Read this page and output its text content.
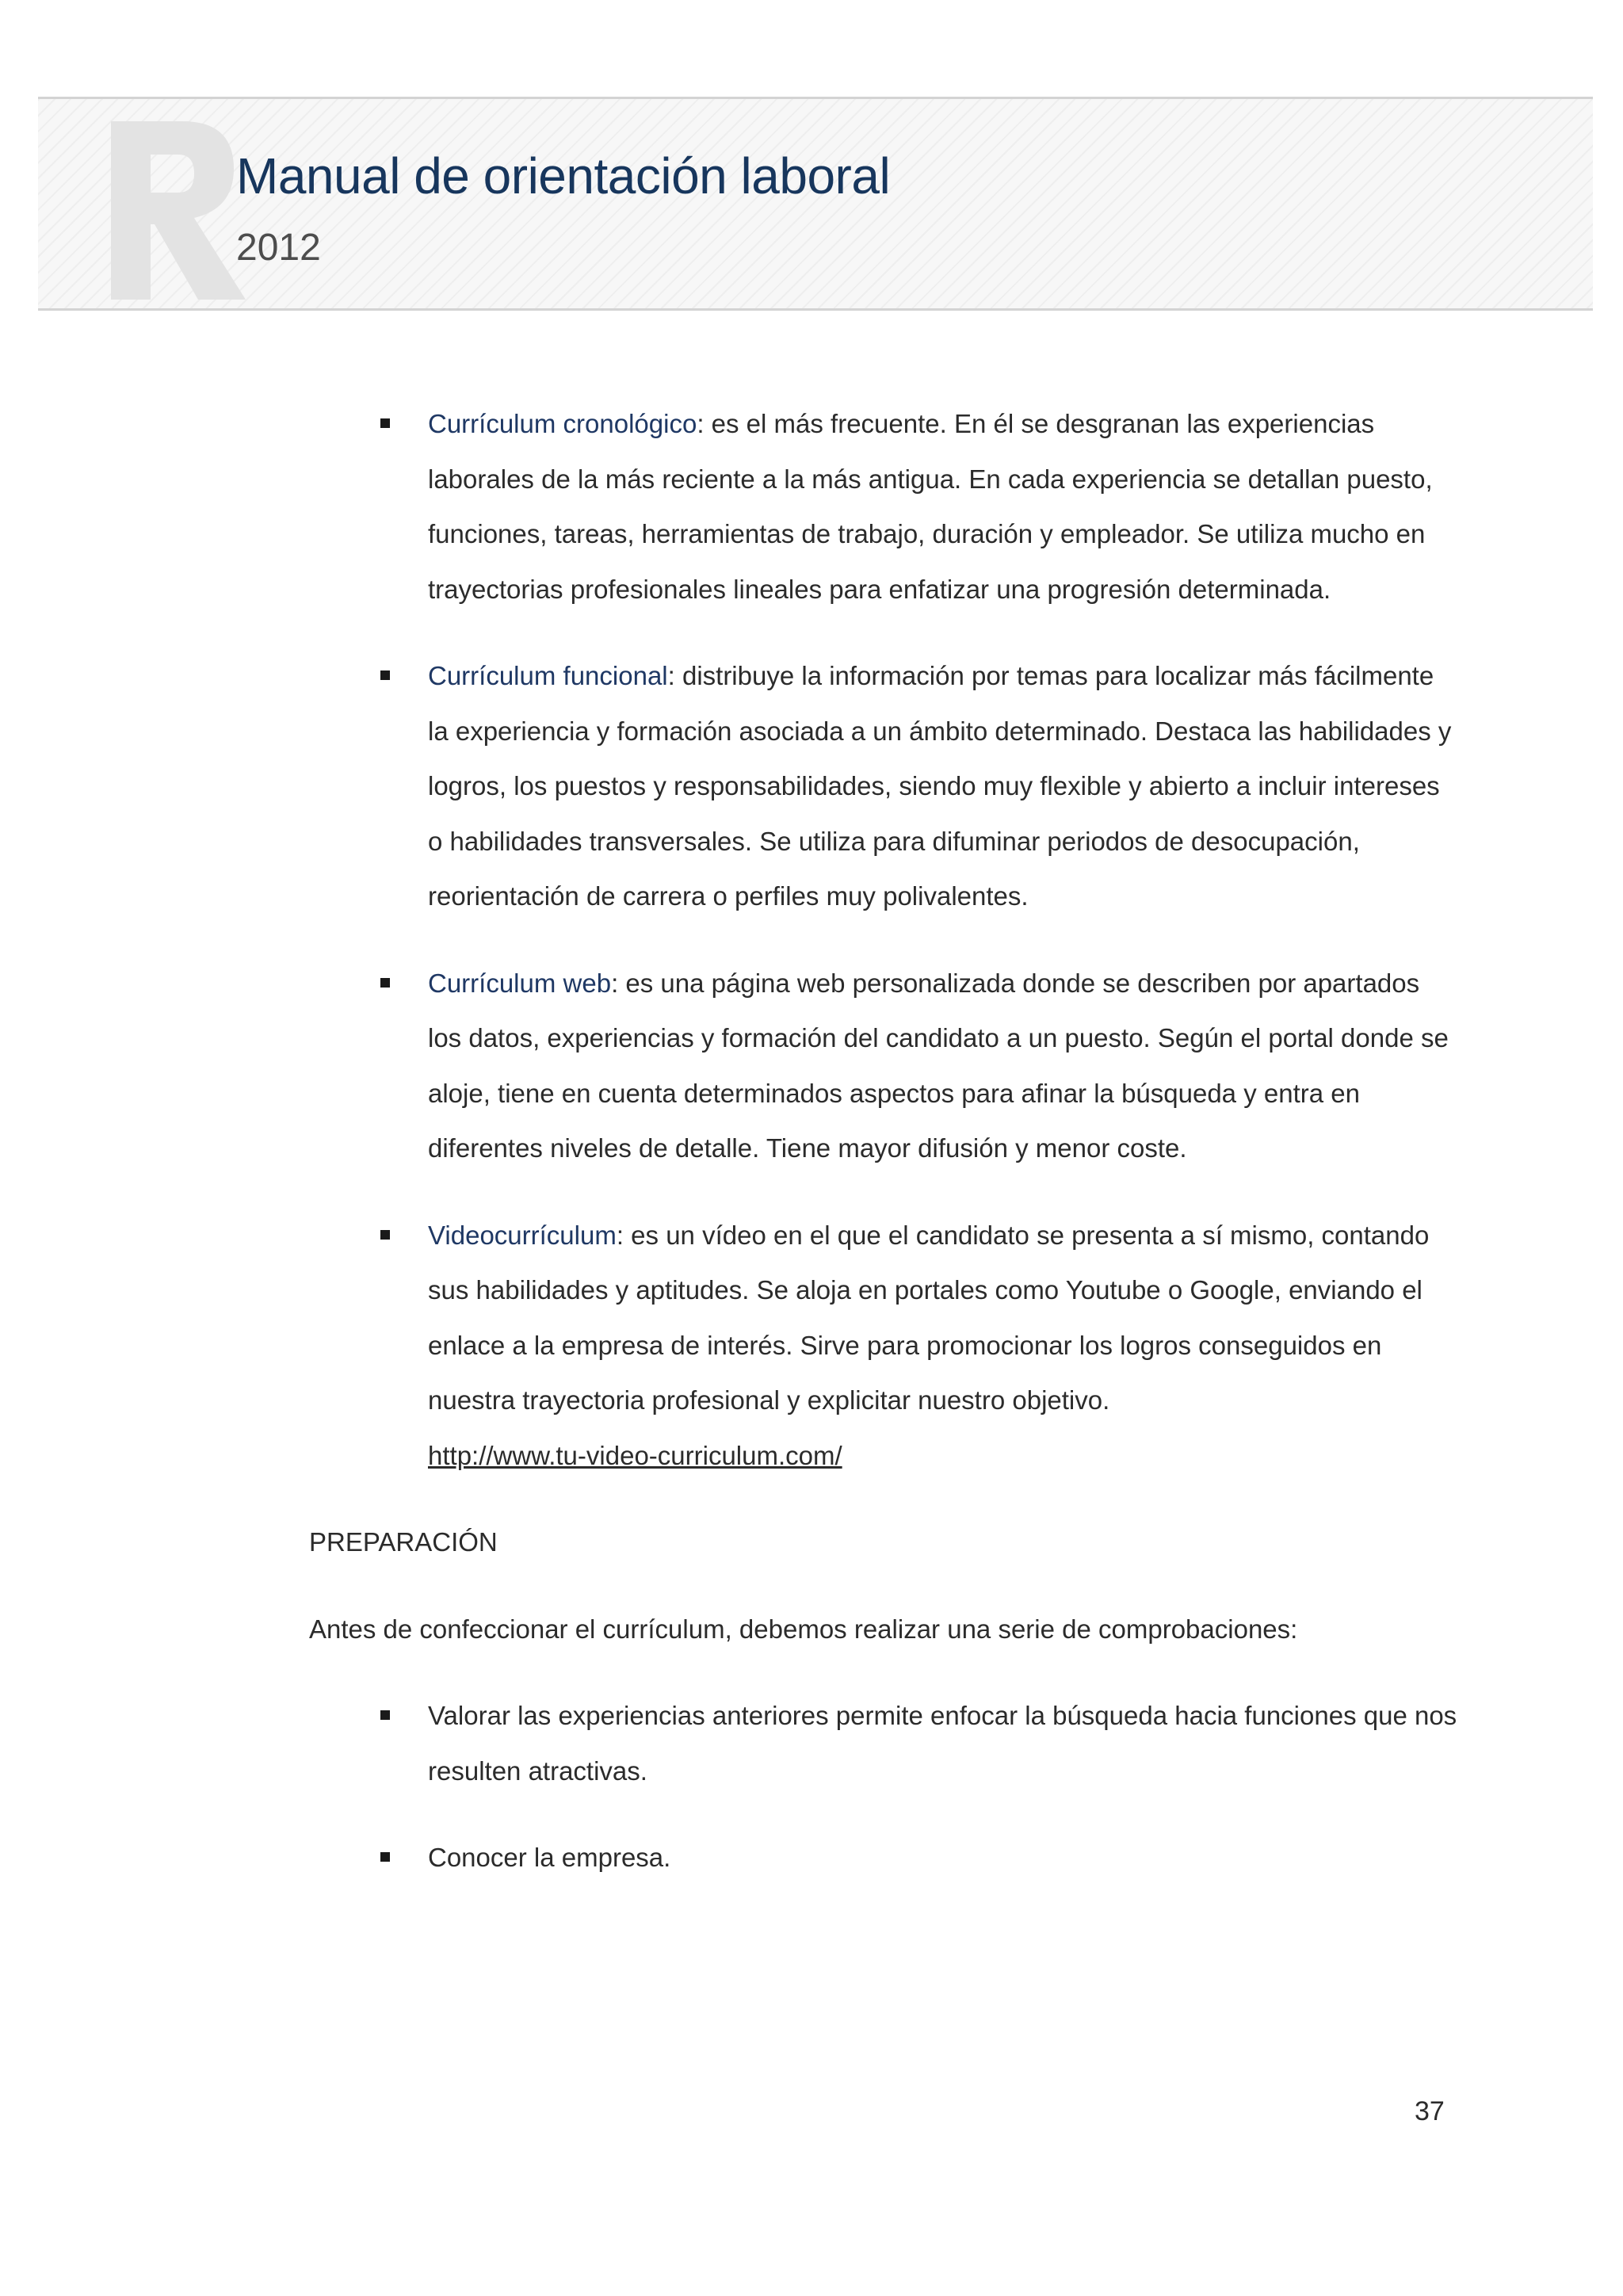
Manual de orientación laboral
2012
Currículum cronológico: es el más frecuente. En él se desgranan las experiencias laborales de la más reciente a la más antigua. En cada experiencia se detallan puesto, funciones, tareas, herramientas de trabajo, duración y empleador. Se utiliza mucho en trayectorias profesionales lineales para enfatizar una progresión determinada.
Currículum funcional: distribuye la información por temas para localizar más fácilmente la experiencia y formación asociada a un ámbito determinado. Destaca las habilidades y logros, los puestos y responsabilidades, siendo muy flexible y abierto a incluir intereses o habilidades transversales. Se utiliza para difuminar periodos de desocupación, reorientación de carrera o perfiles muy polivalentes.
Currículum web: es una página web personalizada donde se describen por apartados los datos, experiencias y formación del candidato a un puesto. Según el portal donde se aloje, tiene en cuenta determinados aspectos para afinar la búsqueda y entra en diferentes niveles de detalle. Tiene mayor difusión y menor coste.
Videocurrículum: es un vídeo en el que el candidato se presenta a sí mismo, contando sus habilidades y aptitudes. Se aloja en portales como Youtube o Google, enviando el enlace a la empresa de interés. Sirve para promocionar los logros conseguidos en nuestra trayectoria profesional y explicitar nuestro objetivo.
http://www.tu-video-curriculum.com/
PREPARACIÓN
Antes de confeccionar el currículum, debemos realizar una serie de comprobaciones:
Valorar las experiencias anteriores permite enfocar la búsqueda hacia funciones que nos resulten atractivas.
Conocer la empresa.
37
